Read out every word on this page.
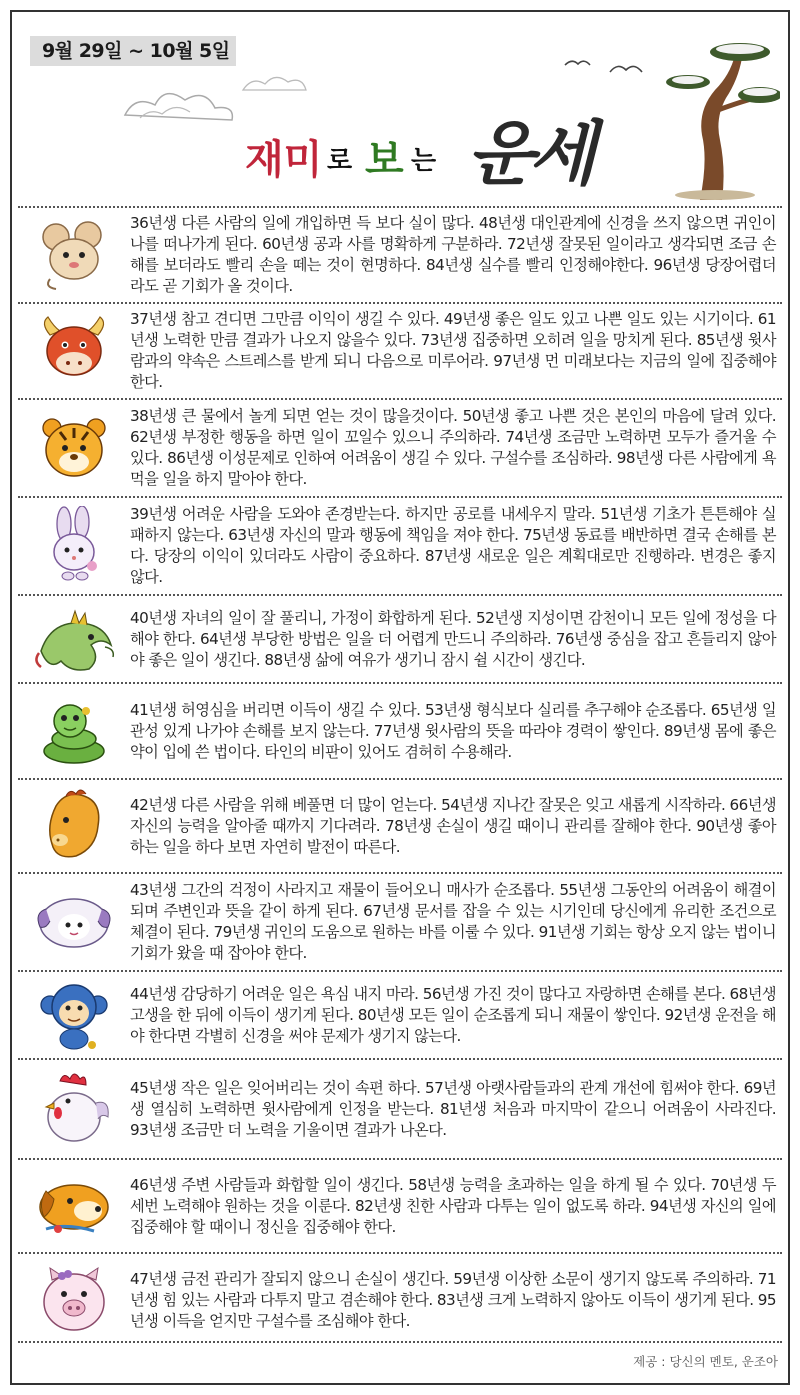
9월 29일 ~ 10월 5일
재미 로 보 는 운세
36년생 다른 사람의 일에 개입하면 득 보다 실이 많다. 48년생 대인관계에 신경을 쓰지 않으면 귀인이 나를 떠나가게 된다. 60년생 공과 사를 명확하게 구분하라. 72년생 잘못된 일이라고 생각되면 조금 손해를 보더라도 빨리 손을 떼는 것이 현명하다. 84년생 실수를 빨리 인정해야한다. 96년생 당장어렵더라도 곧 기회가 올 것이다.
37년생 참고 견디면 그만큼 이익이 생길 수 있다. 49년생 좋은 일도 있고 나쁜 일도 있는 시기이다. 61년생 노력한 만큼 결과가 나오지 않을수 있다. 73년생 집중하면 오히려 일을 망치게 된다. 85년생 윗사람과의 약속은 스트레스를 받게 되니 다음으로 미루어라. 97년생 먼 미래보다는 지금의 일에 집중해야 한다.
38년생 큰 물에서 놀게 되면 얻는 것이 많을것이다. 50년생 좋고 나쁜 것은 본인의 마음에 달려 있다. 62년생 부정한 행동을 하면 일이 꼬일수 있으니 주의하라. 74년생 조금만 노력하면 모두가 즐거울 수 있다. 86년생 이성문제로 인하여 어려움이 생길 수 있다. 구설수를 조심하라. 98년생 다른 사람에게 욕먹을 일을 하지 말아야 한다.
39년생 어려운 사람을 도와야 존경받는다. 하지만 공로를 내세우지 말라. 51년생 기초가 튼튼해야 실패하지 않는다. 63년생 자신의 말과 행동에 책임을 져야 한다. 75년생 동료를 배반하면 결국 손해를 본다. 당장의 이익이 있더라도 사람이 중요하다. 87년생 새로운 일은 계획대로만 진행하라. 변경은 좋지 않다.
40년생 자녀의 일이 잘 풀리니, 가정이 화합하게 된다. 52년생 지성이면 감천이니 모든 일에 정성을 다해야 한다. 64년생 부당한 방법은 일을 더 어렵게 만드니 주의하라. 76년생 중심을 잡고 흔들리지 않아야 좋은 일이 생긴다. 88년생 삶에 여유가 생기니 잠시 쉴 시간이 생긴다.
41년생 허영심을 버리면 이득이 생길 수 있다. 53년생 형식보다 실리를 추구해야 순조롭다. 65년생 일관성 있게 나가야 손해를 보지 않는다. 77년생 윗사람의 뜻을 따라야 경력이 쌓인다. 89년생 몸에 좋은 약이 입에 쓴 법이다. 타인의 비판이 있어도 겸허히 수용해라.
42년생 다른 사람을 위해 베풀면 더 많이 얻는다. 54년생 지나간 잘못은 잊고 새롭게 시작하라. 66년생 자신의 능력을 알아줄 때까지 기다려라. 78년생 손실이 생길 때이니 관리를 잘해야 한다. 90년생 좋아하는 일을 하다 보면 자연히 발전이 따른다.
43년생 그간의 걱정이 사라지고 재물이 들어오니 매사가 순조롭다. 55년생 그동안의 어려움이 해결이 되며 주변인과 뜻을 같이 하게 된다. 67년생 문서를 잡을 수 있는 시기인데 당신에게 유리한 조건으로 체결이 된다. 79년생 귀인의 도움으로 원하는 바를 이룰 수 있다. 91년생 기회는 항상 오지 않는 법이니 기회가 왔을 때 잡아야 한다.
44년생 감당하기 어려운 일은 욕심 내지 마라. 56년생 가진 것이 많다고 자랑하면 손해를 본다. 68년생 고생을 한 뒤에 이득이 생기게 된다. 80년생 모든 일이 순조롭게 되니 재물이 쌓인다. 92년생 운전을 해야 한다면 각별히 신경을 써야 문제가 생기지 않는다.
45년생 작은 일은 잊어버리는 것이 속편 하다. 57년생 아랫사람들과의 관계 개선에 힘써야 한다. 69년생 열심히 노력하면 윗사람에게 인정을 받는다. 81년생 처음과 마지막이 같으니 어려움이 사라진다. 93년생 조금만 더 노력을 기울이면 결과가 나온다.
46년생 주변 사람들과 화합할 일이 생긴다. 58년생 능력을 초과하는 일을 하게 될 수 있다. 70년생 두세번 노력해야 원하는 것을 이룬다. 82년생 친한 사람과 다투는 일이 없도록 하라. 94년생 자신의 일에 집중해야 할 때이니 정신을 집중해야 한다.
47년생 금전 관리가 잘되지 않으니 손실이 생긴다. 59년생 이상한 소문이 생기지 않도록 주의하라. 71년생 힘 있는 사람과 다투지 말고 겸손해야 한다. 83년생 크게 노력하지 않아도 이득이 생기게 된다. 95년생 이득을 얻지만 구설수를 조심해야 한다.
제공 : 당신의 멘토, 운조아
